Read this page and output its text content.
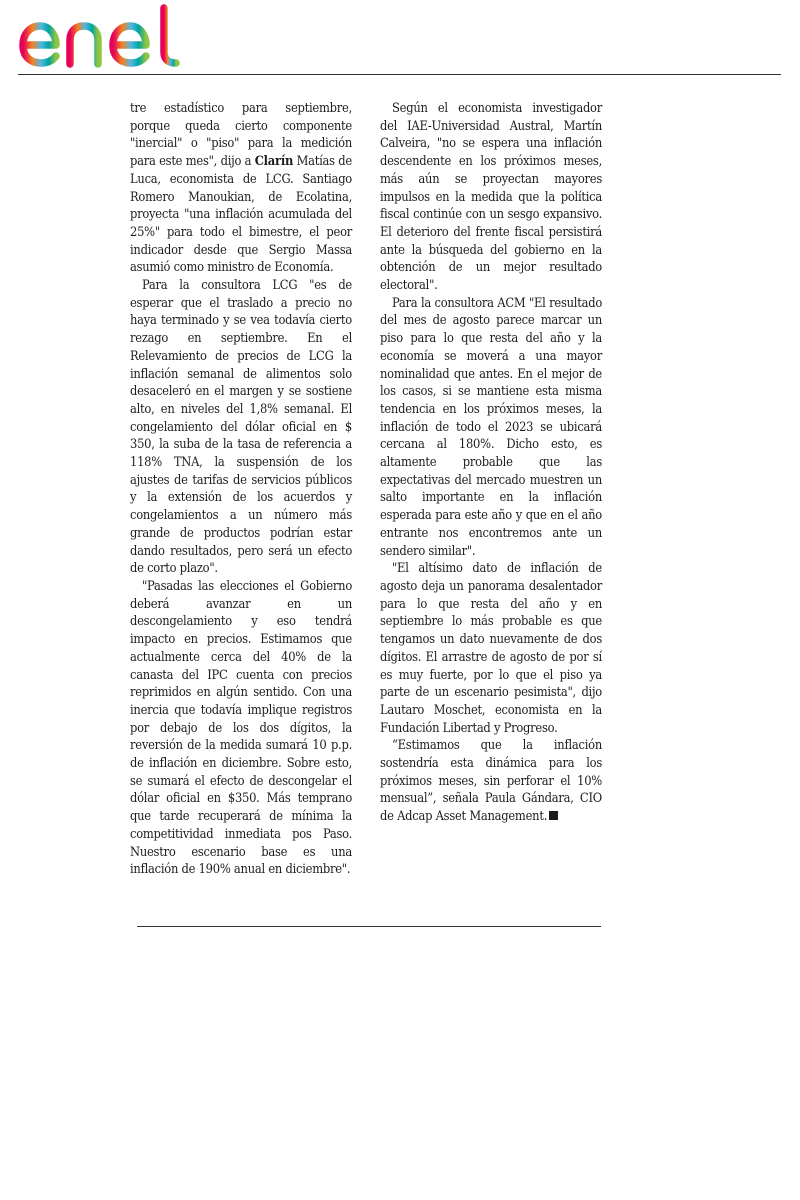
tre estadístico para septiembre, porque queda cierto componente "inercial" o "piso" para la medición para este mes", dijo a Clarín Matías de Luca, economista de LCG. Santiago Romero Manoukian, de Ecolatina, proyecta "una inflación acumulada del 25%" para todo el bimestre, el peor indicador desde que Sergio Massa asumió como ministro de Economía.

Para la consultora LCG "es de esperar que el traslado a precio no haya terminado y se vea todavía cierto rezago en septiembre. En el Relevamiento de precios de LCG la inflación semanal de alimentos solo desaceleró en el margen y se sostiene alto, en niveles del 1,8% semanal. El congelamiento del dólar oficial en $ 350, la suba de la tasa de referencia a 118% TNA, la suspensión de los ajustes de tarifas de servicios públicos y la extensión de los acuerdos y congelamientos a un número más grande de productos podrían estar dando resultados, pero será un efecto de corto plazo".

"Pasadas las elecciones el Gobierno deberá avanzar en un descongelamiento y eso tendrá impacto en precios. Estimamos que actualmente cerca del 40% de la canasta del IPC cuenta con precios reprimidos en algún sentido. Con una inercia que todavía implique registros por debajo de los dos dígitos, la reversión de la medida sumará 10 p.p. de inflación en diciembre. Sobre esto, se sumará el efecto de descongelar el dólar oficial en $350. Más temprano que tarde recuperará de mínima la competitividad inmediata pos Paso. Nuestro escenario base es una inflación de 190% anual en diciembre".

Según el economista investigador del IAE-Universidad Austral, Martín Calveira, "no se espera una inflación descendente en los próximos meses, más aún se proyectan mayores impulsos en la medida que la política fiscal continúe con un sesgo expansivo. El deterioro del frente fiscal persistirá ante la búsqueda del gobierno en la obtención de un mejor resultado electoral".

Para la consultora ACM "El resultado del mes de agosto parece marcar un piso para lo que resta del año y la economía se moverá a una mayor nominalidad que antes. En el mejor de los casos, si se mantiene esta misma tendencia en los próximos meses, la inflación de todo el 2023 se ubicará cercana al 180%. Dicho esto, es altamente probable que las expectativas del mercado muestren un salto importante en la inflación esperada para este año y que en el año entrante nos encontremos ante un sendero similar".

"El altísimo dato de inflación de agosto deja un panorama desalentador para lo que resta del año y en septiembre lo más probable es que tengamos un dato nuevamente de dos dígitos. El arrastre de agosto de por sí es muy fuerte, por lo que el piso ya parte de un escenario pesimista", dijo Lautaro Moschet, economista en la Fundación Libertad y Progreso.

“Estimamos que la inflación sostendría esta dinámica para los próximos meses, sin perforar el 10% mensual”, señala Paula Gándara, CIO de Adcap Asset Management.
